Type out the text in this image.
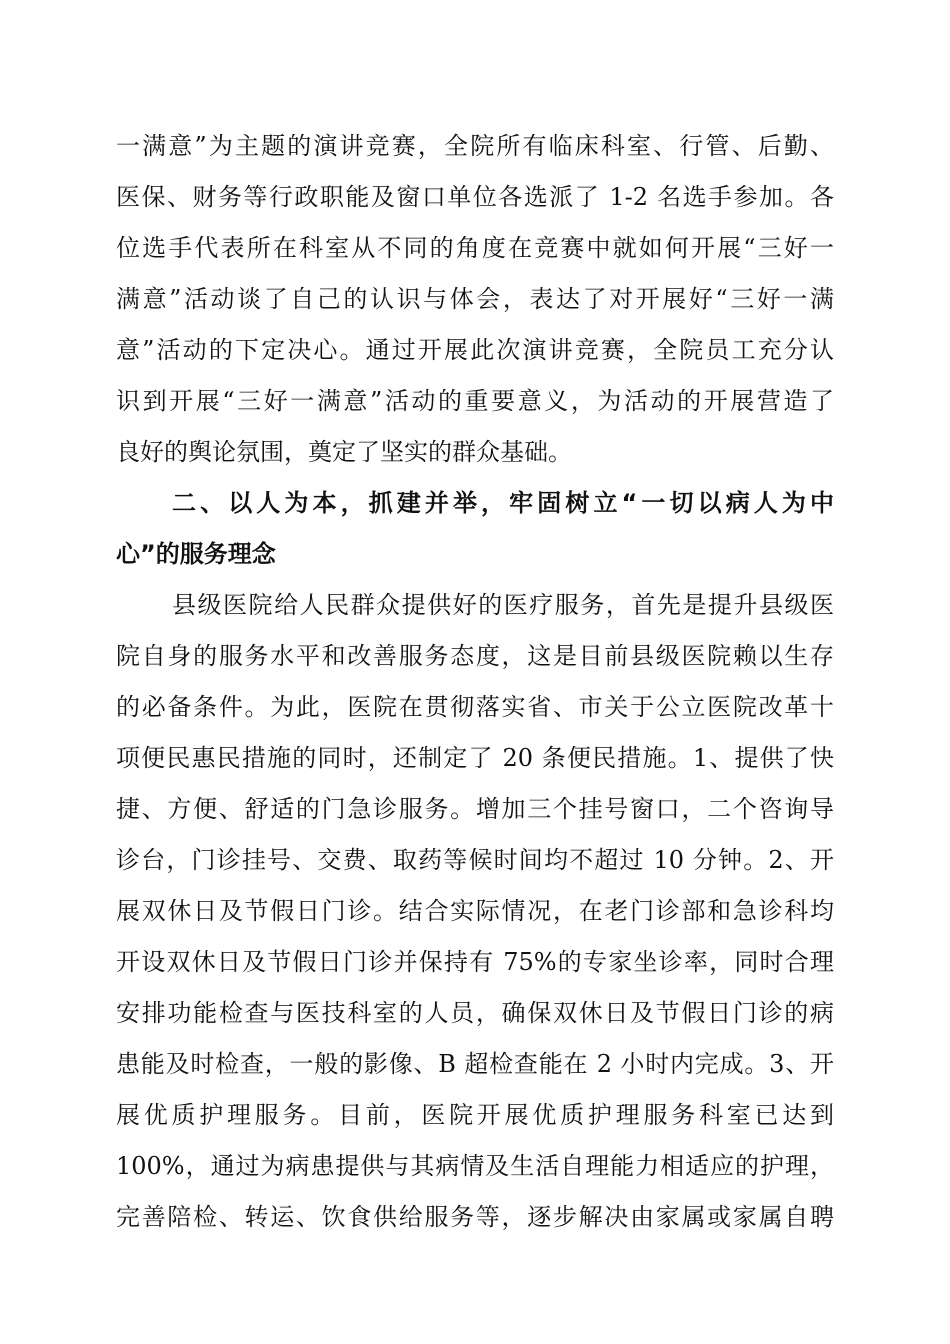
一满意”为主题的演讲竞赛，全院所有临床科室、行管、后勤、
医保、财务等行政职能及窗口单位各选派了 1-2 名选手参加。各
位选手代表所在科室从不同的角度在竞赛中就如何开展“三好一
满意”活动谈了自己的认识与体会，表达了对开展好“三好一满
意”活动的下定决心。通过开展此次演讲竞赛，全院员工充分认
识到开展“三好一满意”活动的重要意义，为活动的开展营造了
良好的舆论氛围，奠定了坚实的群众基础。
二、以人为本，抓建并举，牢固树立“一切以病人为中
心”的服务理念
县级医院给人民群众提供好的医疗服务，首先是提升县级医
院自身的服务水平和改善服务态度，这是目前县级医院赖以生存
的必备条件。为此，医院在贯彻落实省、市关于公立医院改革十
项便民惠民措施的同时，还制定了 20 条便民措施。1、提供了快
捷、方便、舒适的门急诊服务。增加三个挂号窗口，二个咨询导
诊台，门诊挂号、交费、取药等候时间均不超过 10 分钟。2、开
展双休日及节假日门诊。结合实际情况，在老门诊部和急诊科均
开设双休日及节假日门诊并保持有 75%的专家坐诊率，同时合理
安排功能检查与医技科室的人员，确保双休日及节假日门诊的病
患能及时检查，一般的影像、B 超检查能在 2 小时内完成。3、开
展优质护理服务。目前，医院开展优质护理服务科室已达到
100%，通过为病患提供与其病情及生活自理能力相适应的护理，
完善陪检、转运、饮食供给服务等，逐步解决由家属或家属自聘
